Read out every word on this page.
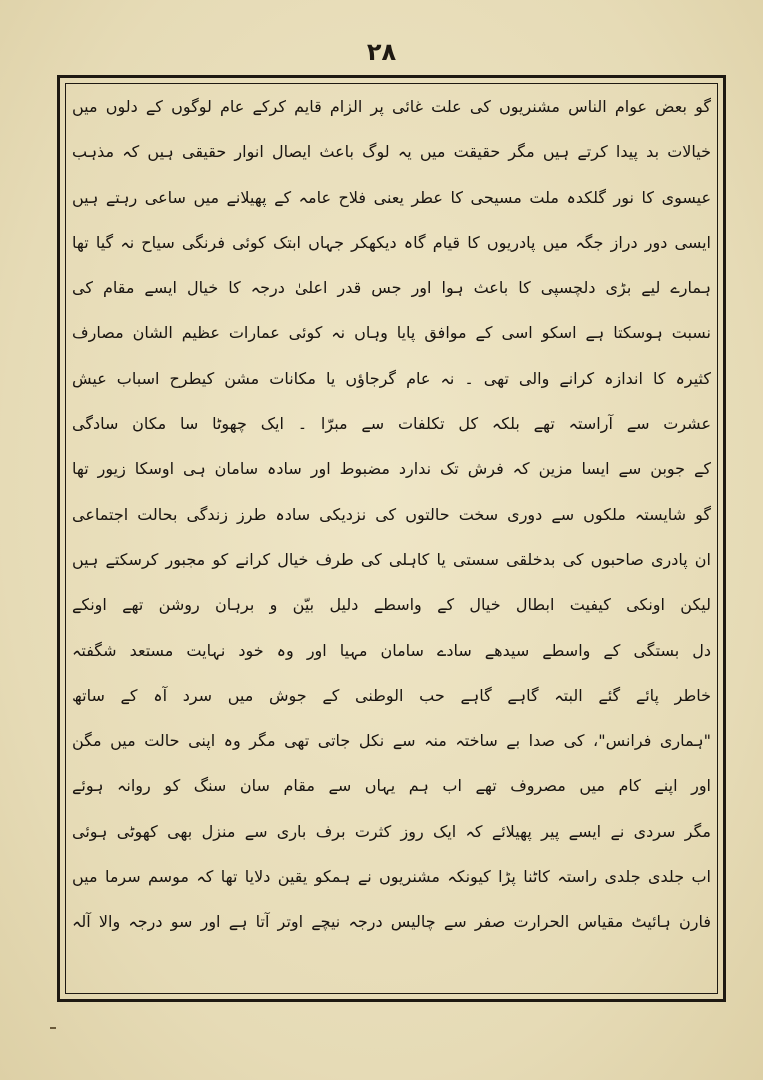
۲۸
گو بعض عوام الناس مشنریوں کی علت غائی پر الزام قایم کرکے عام لوگوں کے دلوں میں
خیالات بد پیدا کرتے ہیں مگر حقیقت میں یہ لوگ باعث ایصال انوار حقیقی ہیں کہ مذہب
عیسوی کا نور گلکدہ ملت مسیحی کا عطر یعنی فلاح عامہ کے پھیلانے میں ساعی رہتے ہیں
ایسی دور دراز جگہ میں پادریوں کا قیام گاہ دیکھکر جہاں ابتک کوئی فرنگی سیاح نہ گیا تھا
ہمارے لیے بڑی دلچسپی کا باعث ہوا اور جس قدر اعلیٰ درجہ کا خیال ایسے مقام کی
نسبت ہوسکتا ہے اسکو اسی کے موافق پایا وہاں نہ کوئی عمارات عظیم الشان مصارف
کثیرہ کا اندازہ کرانے والی تھی ۔ نہ عام گرجاؤں یا مکانات مشن کیطرح اسباب عیش
عشرت سے آراستہ تھے بلکہ کل تکلفات سے مبرّا ۔ ایک چھوٹا سا مکان سادگی
کے جوبن سے ایسا مزین کہ فرش تک ندارد مضبوط اور سادہ سامان ہی اوسکا زیور تھا
گو شایستہ ملکوں سے دوری سخت حالتوں کی نزدیکی سادہ طرز زندگی بحالت اجتماعی
ان پادری صاحبوں کی بدخلقی سستی یا کاہلی کی طرف خیال کرانے کو مجبور کرسکتے ہیں
لیکن اونکی کیفیت ابطال خیال کے واسطے دلیل بیّن و برہان روشن تھے اونکے
دل بستگی کے واسطے سیدھے سادے سامان مہیا اور وہ خود نہایت مستعد شگفتہ
خاطر پائے گئے البتہ گاہے گاہے حب الوطنی کے جوش میں سرد آہ کے ساتھ
"ہماری فرانس"، کی صدا بے ساختہ منہ سے نکل جاتی تھی مگر وہ اپنی حالت میں مگن
اور اپنے کام میں مصروف تھے اب ہم یہاں سے مقام سان سنگ کو روانہ ہوئے
مگر سردی نے ایسے پیر پھیلائے کہ ایک روز کثرت برف باری سے منزل بھی کھوٹی ہوئی
اب جلدی جلدی راستہ کاٹنا پڑا کیونکہ مشنریوں نے ہمکو یقین دلایا تھا کہ موسم سرما میں
فارن ہائیٹ مقیاس الحرارت صفر سے چالیس درجہ نیچے اوتر آتا ہے اور سو درجہ والا آلہ
